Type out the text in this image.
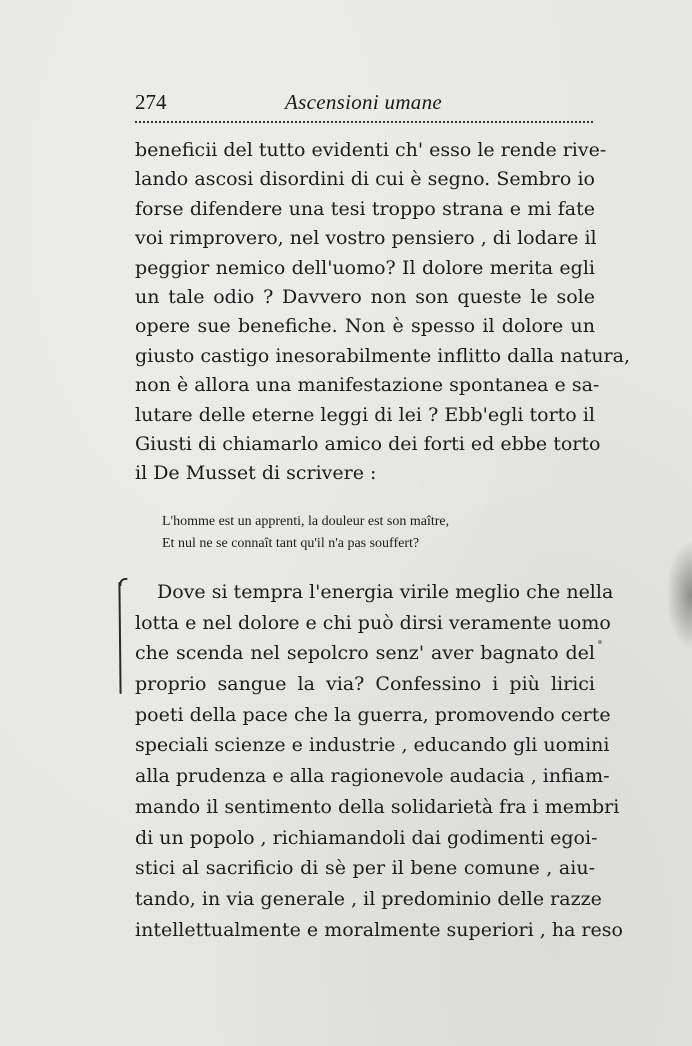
274	Ascensioni umane
beneficii del tutto evidenti ch' esso le rende rive-
lando ascosi disordini di cui è segno. Sembro io
forse difendere una tesi troppo strana e mi fate
voi rimprovero, nel vostro pensiero , di lodare il
peggior nemico dell'uomo? Il dolore merita egli
un tale odio ? Davvero non son queste le sole
opere sue benefiche. Non è spesso il dolore un
giusto castigo inesorabilmente inflitto dalla natura,
non è allora una manifestazione spontanea e sa-
lutare delle eterne leggi di lei ? Ebb'egli torto il
Giusti di chiamarlo amico dei forti ed ebbe torto
il De Musset di scrivere :
L'homme est un apprenti, la douleur est son maître,
Et nul ne se connaît tant qu'il n'a pas souffert?
Dove si tempra l'energia virile meglio che nella
lotta e nel dolore e chi può dirsi veramente uomo
che scenda nel sepolcro senz' aver bagnato del
proprio sangue la via? Confessino i più lirici
poeti della pace che la guerra, promovendo certe
speciali scienze e industrie , educando gli uomini
alla prudenza e alla ragionevole audacia , infiam-
mando il sentimento della solidarietà fra i membri
di un popolo , richiamandoli dai godimenti egoi-
stici al sacrificio di sè per il bene comune , aiu-
tando, in via generale , il predominio delle razze
intellettualmente e moralmente superiori , ha reso
